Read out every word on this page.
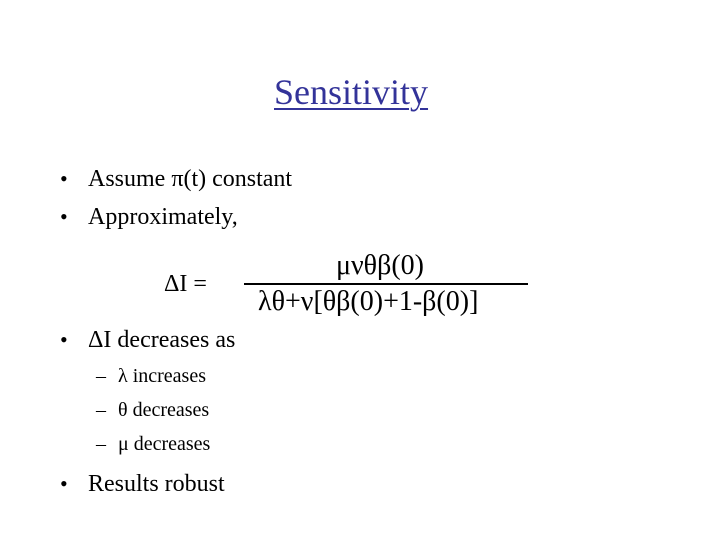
Sensitivity
• Assume π(t) constant
• Approximately,
ΔI =
μνθβ(0)
λθ+ν[θβ(0)+1-β(0)]
• ΔI decreases as
– λ increases
– θ decreases
– μ decreases
• Results robust
